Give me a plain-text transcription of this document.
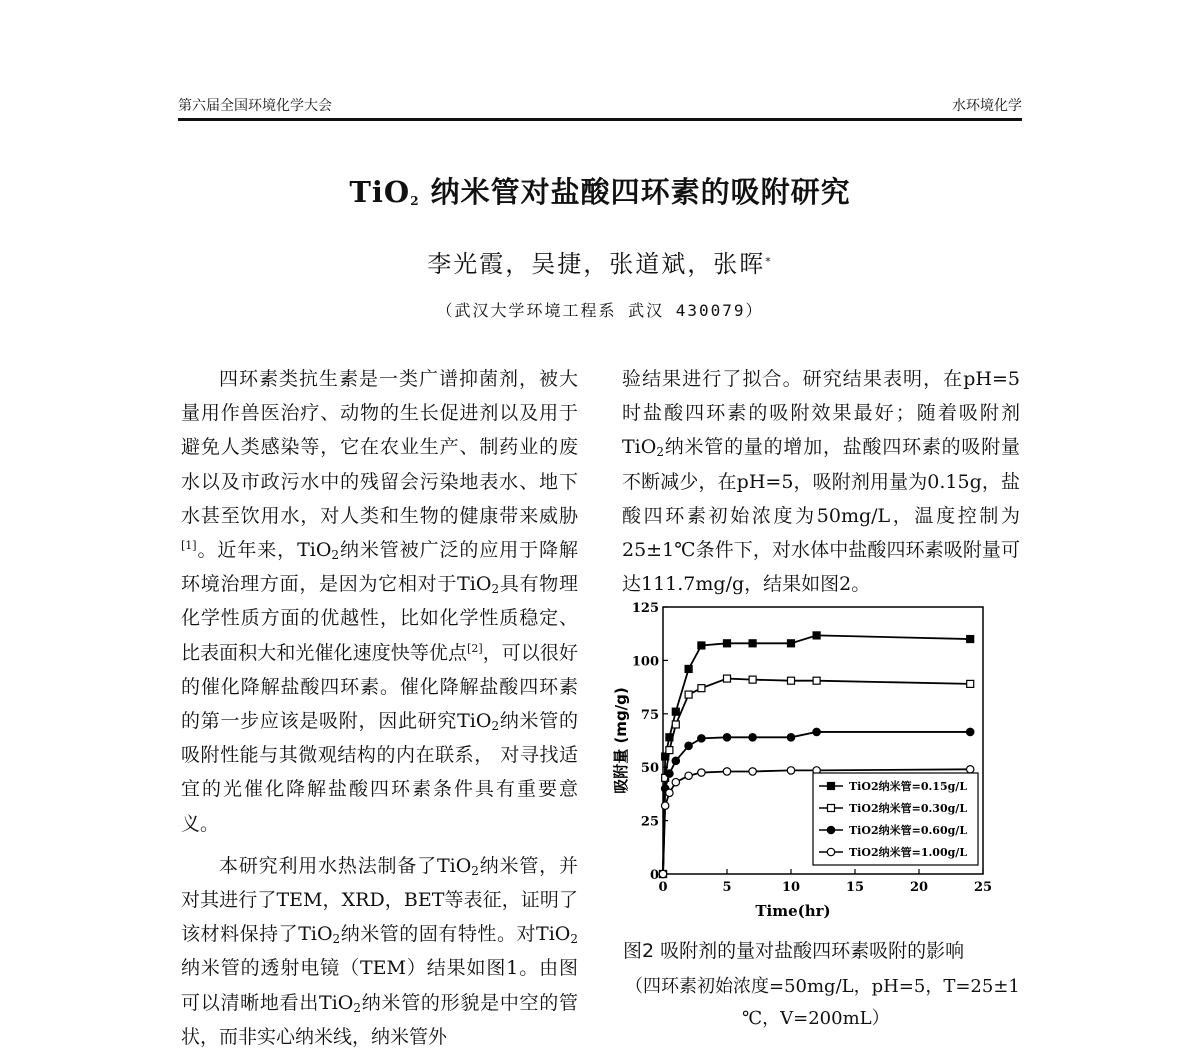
第六届全国环境化学大会	水环境化学
TiO$_2$ 纳米管对盐酸四环素的吸附研究
李光霞，吴捷，张道斌，张晖*
（武汉大学环境工程系 武汉 430079）

四环素类抗生素是一类广谱抑菌剂，被大量用作兽医治疗、动物的生长促进剂以及用于避免人类感染等，它在农业生产、制药业的废水以及市政污水中的残留会污染地表水、地下水甚至饮用水，对人类和生物的健康带来威胁[1]。近年来，TiO$_2$纳米管被广泛的应用于降解环境治理方面，是因为它相对于TiO$_2$具有物理化学性质方面的优越性，比如化学性质稳定、比表面积大和光催化速度快等优点[2]，可以很好的催化降解盐酸四环素。催化降解盐酸四环素的第一步应该是吸附，因此研究TiO$_2$纳米管的吸附性能与其微观结构的内在联系， 对寻找适宜的光催化降解盐酸四环素条件具有重要意义。

本研究利用水热法制备了TiO$_2$纳米管，并对其进行了TEM，XRD，BET等表征，证明了该材料保持了TiO$_2$纳米管的固有特性。对TiO$_2$纳米管的透射电镜（TEM）结果如图1。由图可以清晰地看出TiO$_2$纳米管的形貌是中空的管状，而非实心纳米线，纳米管外

验结果进行了拟合。研究结果表明，在pH=5时盐酸四环素的吸附效果最好；随着吸附剂TiO$_2$纳米管的量的增加，盐酸四环素的吸附量不断减少，在pH=5，吸附剂用量为0.15g，盐酸四环素初始浓度为50mg/L，温度控制为25±1℃条件下，对水体中盐酸四环素吸附量可达111.7mg/g，结果如图2。

0
25
50
75
100
125
0	5	10	15	20	25
Time(hr)
吸附量 (mg/g)	TiO2纳米管=0.15g/L
TiO2纳米管=0.30g/L
TiO2纳米管=0.60g/L
TiO2纳米管=1.00g/L
图2 吸附剂的量对盐酸四环素吸附的影响
（四环素初始浓度=50mg/L，pH=5，T=25±1
℃，V=200mL）
